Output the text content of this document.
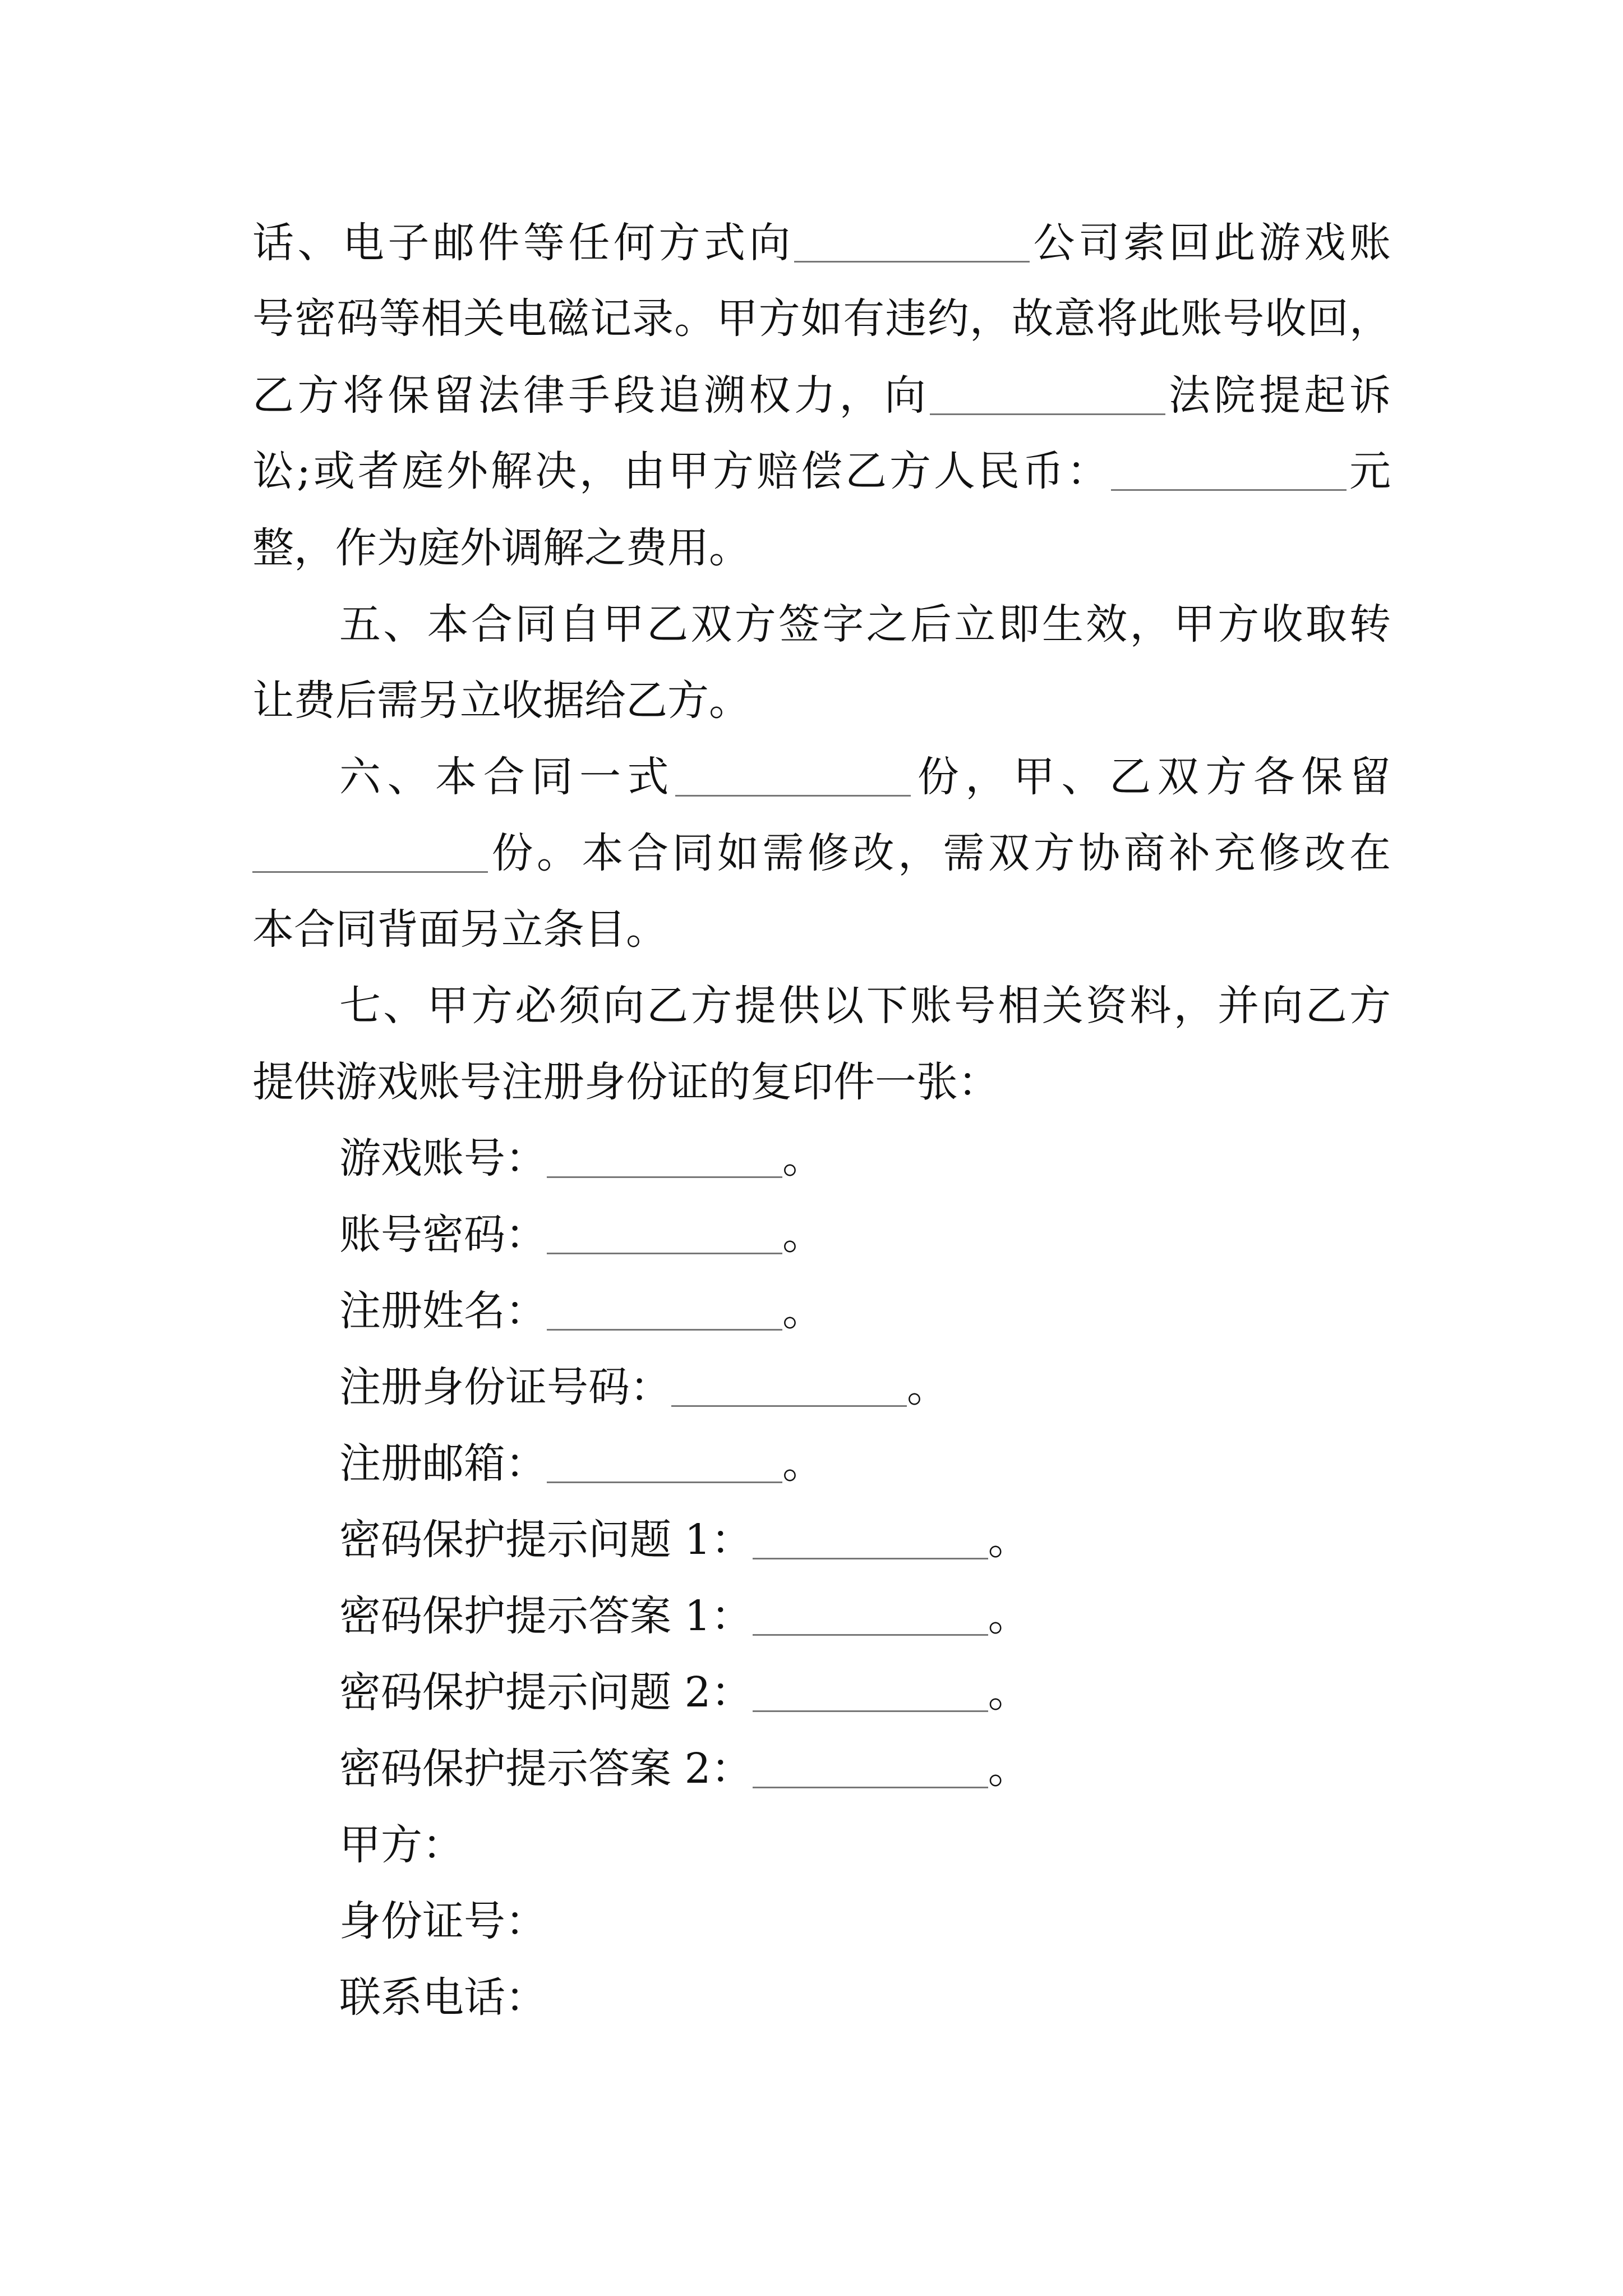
话、电子邮件等任何方式向	公司索回此游戏账
号密码等相关电磁记录。甲方如有违约，故意将此账号收回，
乙方将保留法律手段追溯权力，向	法院提起诉
讼;或者庭外解决，由甲方赔偿乙方人民币：	元
整，作为庭外调解之费用。
五、本合同自甲乙双方签字之后立即生效，甲方收取转
让费后需另立收据给乙方。
六、本合同一式	份，甲、乙双方各保留
份。本合同如需修改，需双方协商补充修改在
本合同背面另立条目。
七、甲方必须向乙方提供以下账号相关资料，并向乙方
提供游戏账号注册身份证的复印件一张：
游戏账号：	。
账号密码：	。
注册姓名：	。
注册身份证号码：	。
注册邮箱：	。
密码保护提示问题 1：	。
密码保护提示答案 1：	。
密码保护提示问题 2：	。
密码保护提示答案 2：	。
甲方：
身份证号：
联系电话：
